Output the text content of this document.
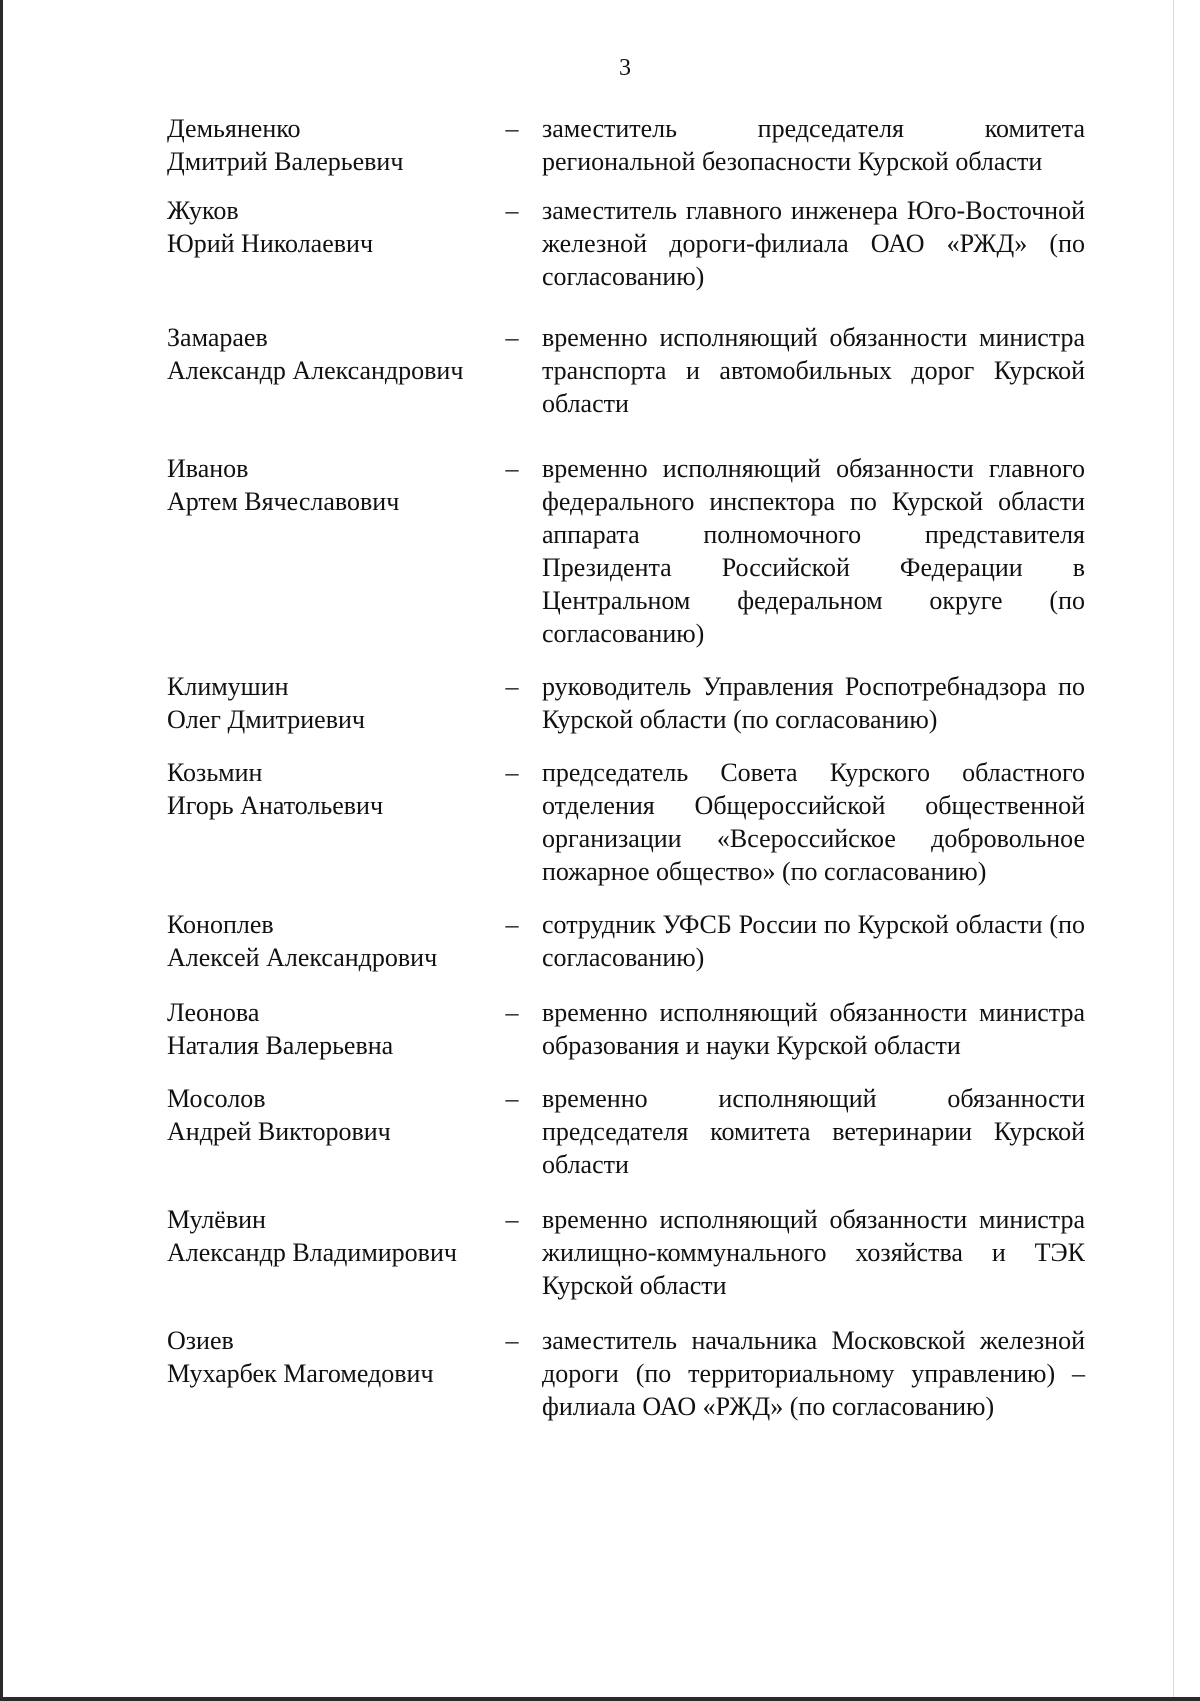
3
Демьяненко
Дмитрий Валерьевич
– заместитель председателя комитета региональной безопасности Курской области
Жуков
Юрий Николаевич
– заместитель главного инженера Юго-Восточной железной дороги-филиала ОАО «РЖД» (по согласованию)
Замараев
Александр Александрович
– временно исполняющий обязанности министра транспорта и автомобильных дорог Курской области
Иванов
Артем Вячеславович
– временно исполняющий обязанности главного федерального инспектора по Курской области аппарата полномочного представителя Президента Российской Федерации в Центральном федеральном округе (по согласованию)
Климушин
Олег Дмитриевич
– руководитель Управления Роспотребнадзора по Курской области (по согласованию)
Козьмин
Игорь Анатольевич
– председатель Совета Курского областного отделения Общероссийской общественной организации «Всероссийское добровольное пожарное общество» (по согласованию)
Коноплев
Алексей Александрович
– сотрудник УФСБ России по Курской области (по согласованию)
Леонова
Наталия Валерьевна
– временно исполняющий обязанности министра образования и науки Курской области
Мосолов
Андрей Викторович
– временно исполняющий обязанности председателя комитета ветеринарии Курской области
Мулёвин
Александр Владимирович
– временно исполняющий обязанности министра жилищно-коммунального хозяйства и ТЭК Курской области
Озиев
Мухарбек Магомедович
– заместитель начальника Московской железной дороги (по территориальному управлению) – филиала ОАО «РЖД» (по согласованию)
